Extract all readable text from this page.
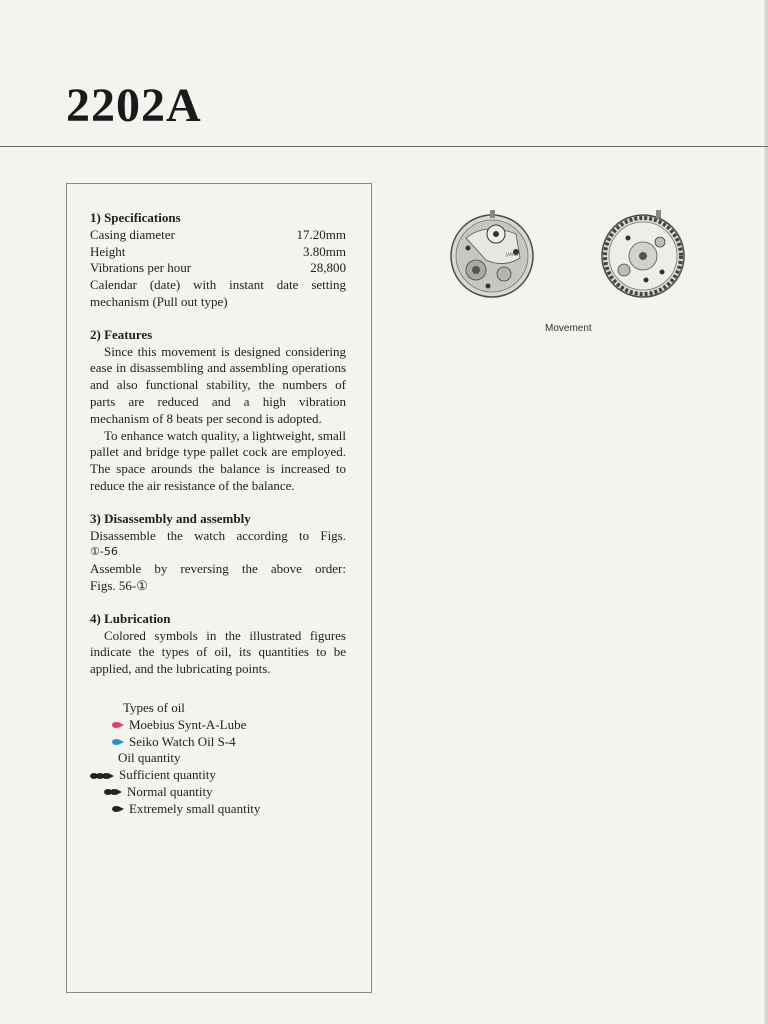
2202A
1) Specifications
Casing diameter	17.20mm
Height	3.80mm
Vibrations per hour	28,800
Calendar (date) with instant date setting
mechanism (Pull out type)
2) Features
Since this movement is designed considering ease in disassembling and assembling operations and also functional stability, the numbers of parts are reduced and a high vibration mechanism of 8 beats per second is adopted.
To enhance watch quality, a lightweight, small pallet and bridge type pallet cock are employed. The space arounds the balance is increased to reduce the air resistance of the balance.
3) Disassembly and assembly
Disassemble the watch according to Figs.
①-56
Assemble by reversing the above order:
Figs. 56-①
4) Lubrication
Colored symbols in the illustrated figures indicate the types of oil, its quantities to be applied, and the lubricating points.
Types of oil
Moebius Synt-A-Lube
Seiko Watch Oil S-4
Oil quantity
Sufficient quantity
Normal quantity
Extremely small quantity
JAPAN
Movement
